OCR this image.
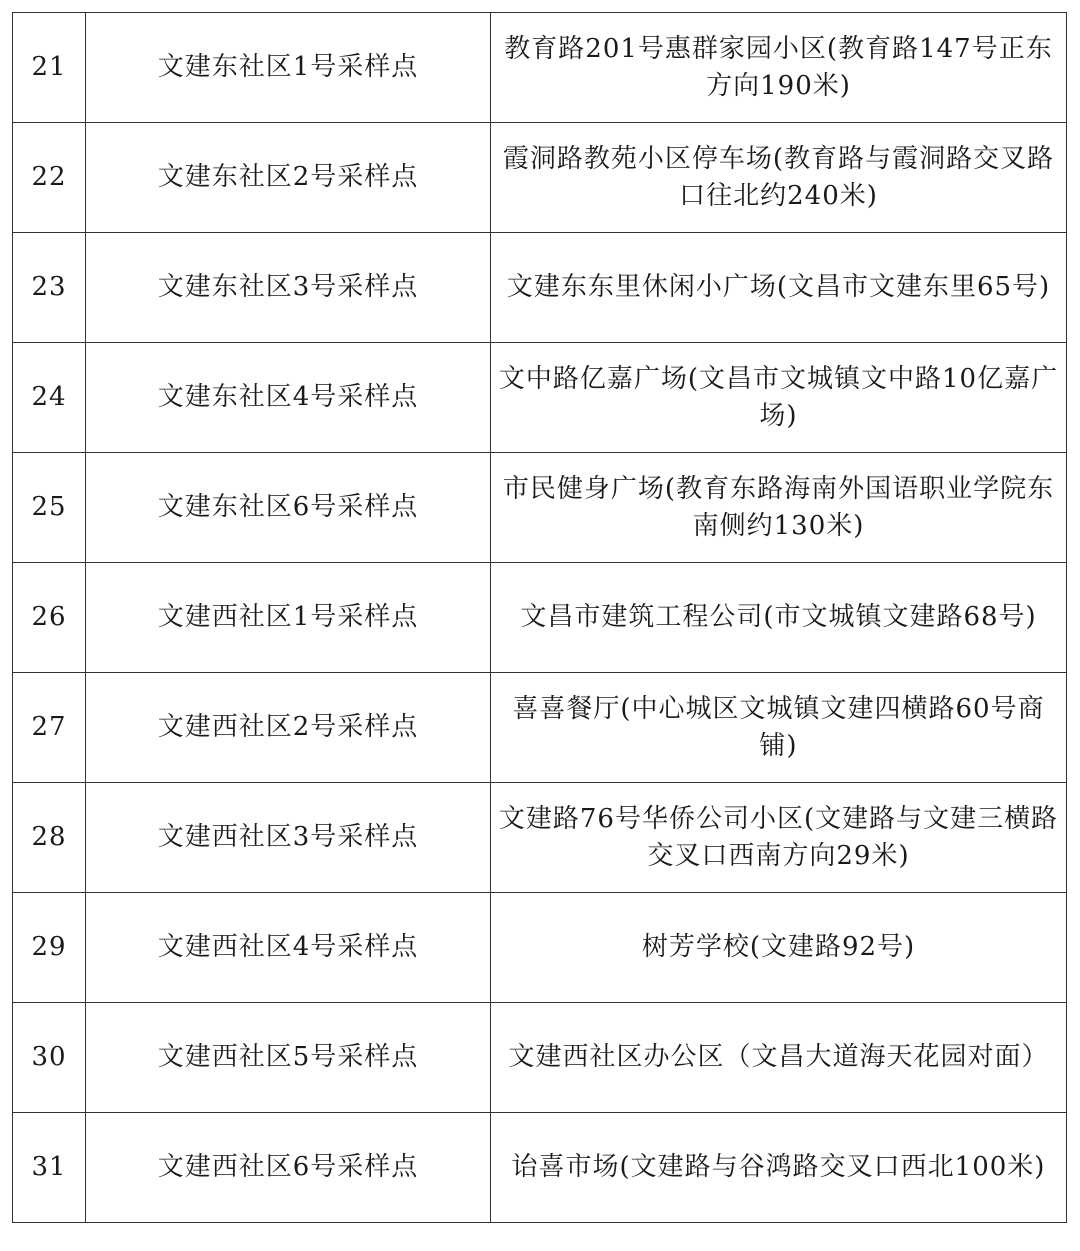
21	文建东社区1号采样点	教育路201号惠群家园小区(教育路147号正东方向190米)
22	文建东社区2号采样点	霞洞路教苑小区停车场(教育路与霞洞路交叉路口往北约240米)
23	文建东社区3号采样点	文建东东里休闲小广场(文昌市文建东里65号)
24	文建东社区4号采样点	文中路亿嘉广场(文昌市文城镇文中路10亿嘉广场)
25	文建东社区6号采样点	市民健身广场(教育东路海南外国语职业学院东南侧约130米)
26	文建西社区1号采样点	文昌市建筑工程公司(市文城镇文建路68号)
27	文建西社区2号采样点	喜喜餐厅(中心城区文城镇文建四横路60号商铺)
28	文建西社区3号采样点	文建路76号华侨公司小区(文建路与文建三横路交叉口西南方向29米)
29	文建西社区4号采样点	树芳学校(文建路92号)
30	文建西社区5号采样点	文建西社区办公区（文昌大道海天花园对面）
31	文建西社区6号采样点	诒喜市场(文建路与谷鸿路交叉口西北100米)
